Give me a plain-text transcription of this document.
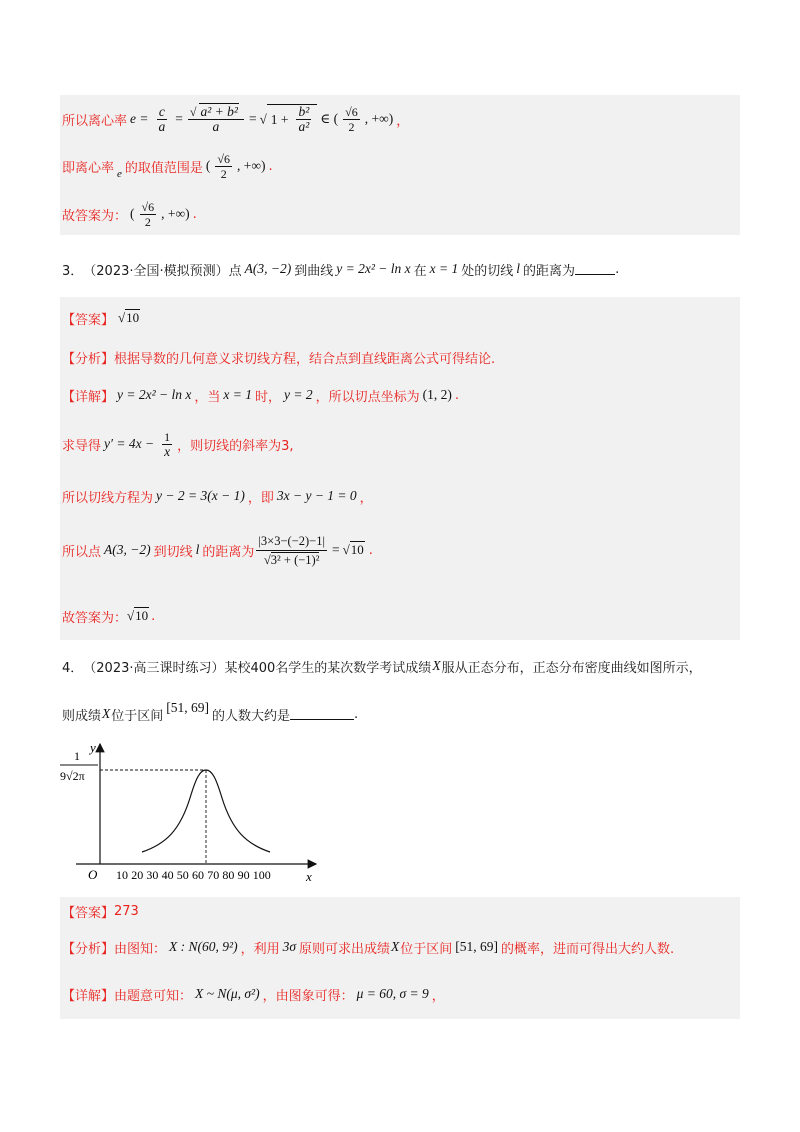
所以离心率 $e = \frac{c}{a} = \frac{\text{√ a² + b²}}{a}$ = √ $1 + \frac{\text{b²}}{\text{a²}}$ ∈ ( $\frac{√6}{2}$ , +∞) ，
即离心率 e 的取值范围是 ( $\frac{√6}{2}$ , +∞) .
故答案为： ( $\frac{√6}{2}$ , +∞) .
3． （2023·全国·模拟预测）点 A(3, −2) 到曲线 y = 2x² − ln x 在 x = 1 处的切线 l 的距离为	.
【答案】 √10
【分析】 根据导数的几何意义求切线方程，结合点到直线距离公式可得结论.
【详解】 y = 2x² − ln x ，当 x = 1 时， y = 2 ，所以切点坐标为 (1, 2) .
求导得 $y' = 4x - \frac{1}{x}$ ，则切线的斜率为3,
所以切线方程为 y − 2 = 3(x − 1) ，即 3x − y − 1 = 0 ，
所以点 A(3, −2) 到切线 l 的距离为 $\frac{|3\times 3-(-2)-1|}{\text{√3² + (−1)²}} = √10$ .
故答案为： √10 .
4． （2023·高三课时练习）某校400名学生的某次数学考试成绩 X 服从正态分布，正态分布密度曲线如图所示，
则成绩 X 位于区间
[51, 69]
的人数大约是	.
y
x
O
1
9√2π
10 20 30 40 50 60 70 80 90 100
【答案】 273
【分析】 由图知： X : N(60, 9²) ，利用 3σ 原则可求出成绩 X 位于区间 [51, 69] 的概率，进而可得出大约人数.
【详解】 由题意可知： X ~ N(μ, σ²) ，由图象可得： μ = 60, σ = 9 ，
